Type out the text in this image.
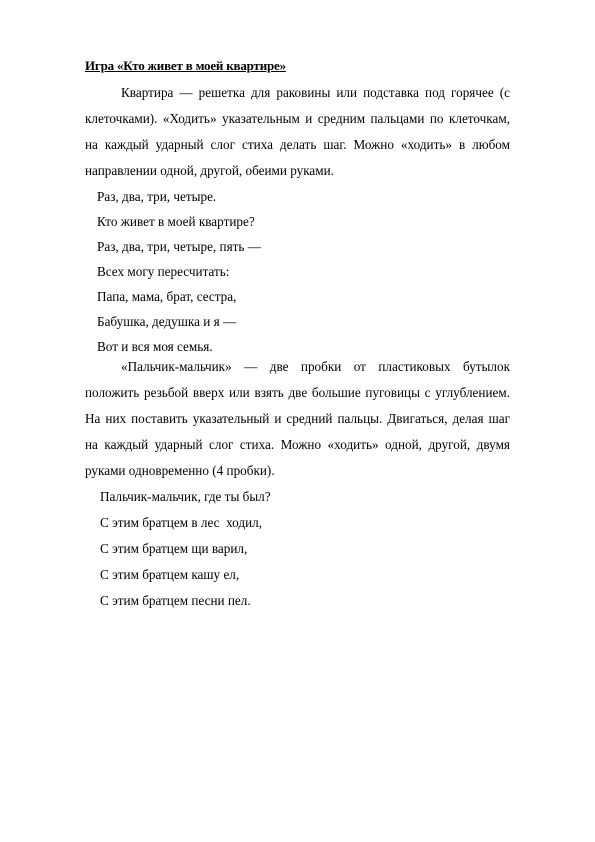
Игра «Кто живет в моей квартире»

Квартира — решетка для раковины или подставка под горячее (с клеточками). «Ходить» указательным и средним пальцами по клеточкам, на каждый ударный слог стиха делать шаг. Можно «ходить» в любом направлении одной, другой, обеими руками.

Раз, два, три, четыре.

Кто живет в моей квартире?

Раз, два, три, четыре, пять —

Всех могу пересчитать:

Папа, мама, брат, сестра,

Бабушка, дедушка и я —

Вот и вся моя семья.

«Пальчик-мальчик» — две пробки от пластиковых бутылок положить резьбой вверх или взять две большие пуговицы с углублением. На них поставить указательный и средний пальцы. Двигаться, делая шаг на каждый ударный слог стиха. Можно «ходить» одной, другой, двумя руками одновременно (4 пробки).

Пальчик-мальчик, где ты был?

С этим братцем в лес  ходил,

С этим братцем щи варил,

С этим братцем кашу ел,

С этим братцем песни пел.
